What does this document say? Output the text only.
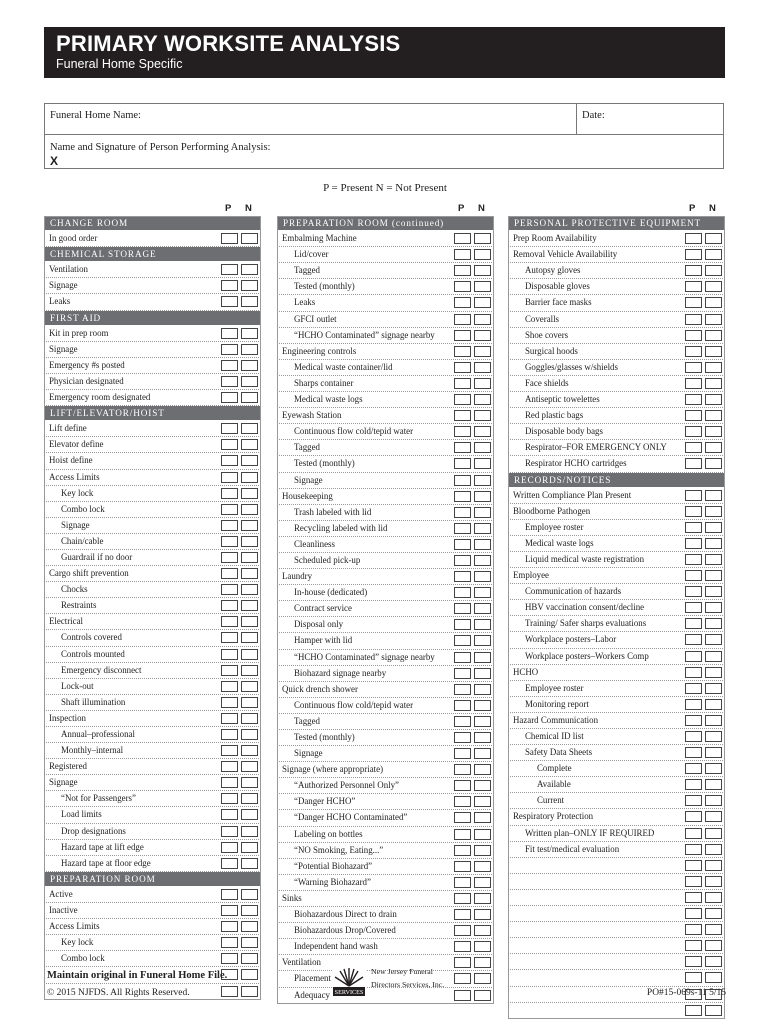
PRIMARY WORKSITE ANALYSIS
Funeral Home Specific
Funeral Home Name:	Date:
Name and Signature of Person Performing Analysis:
X
P = Present N = Not Present
P N
CHANGE ROOM
In good order
CHEMICAL STORAGE
Ventilation
Signage
Leaks
FIRST AID
Kit in prep room
Signage
Emergency #s posted
Physician designated
Emergency room designated
LIFT/ELEVATOR/HOIST
Lift define
Elevator define
Hoist define
Access Limits
Key lock
Combo lock
Signage
Chain/cable
Guardrail if no door
Cargo shift prevention
Chocks
Restraints
Electrical
Controls covered
Controls mounted
Emergency disconnect
Lock-out
Shaft illumination
Inspection
Annual–professional
Monthly–internal
Registered
Signage
“Not for Passengers”
Load limits
Drop designations
Hazard tape at lift edge
Hazard tape at floor edge
PREPARATION ROOM
Active
Inactive
Access Limits
Key lock
Combo lock
P N
PREPARATION ROOM (continued)
Embalming Machine
Lid/cover
Tagged
Tested (monthly)
Leaks
GFCI outlet
“HCHO Contaminated” signage nearby
Engineering controls
Medical waste container/lid
Sharps container
Medical waste logs
Eyewash Station
Continuous flow cold/tepid water
Tagged
Tested (monthly)
Signage
Housekeeping
Trash labeled with lid
Recycling labeled with lid
Cleanliness
Scheduled pick-up
Laundry
In-house (dedicated)
Contract service
Disposal only
Hamper with lid
“HCHO Contaminated” signage nearby
Biohazard signage nearby
Quick drench shower
Continuous flow cold/tepid water
Tagged
Tested (monthly)
Signage
Signage (where appropriate)
“Authorized Personnel Only”
“Danger HCHO”
“Danger HCHO Contaminated”
Labeling on bottles
“NO Smoking, Eating...”
“Potential Biohazard”
“Warning Biohazard”
Sinks
Biohazardous Direct to drain
Biohazardous Drop/Covered
Independent hand wash
Ventilation
Placement
Adequacy
P N
PERSONAL PROTECTIVE EQUIPMENT
Prep Room Availability
Removal Vehicle Availability
Autopsy gloves
Disposable gloves
Barrier face masks
Coveralls
Shoe covers
Surgical hoods
Goggles/glasses w/shields
Face shields
Antiseptic towelettes
Red plastic bags
Disposable body bags
Respirator–FOR EMERGENCY ONLY
Respirator HCHO cartridges
RECORDS/NOTICES
Written Compliance Plan Present
Bloodborne Pathogen
Employee roster
Medical waste logs
Liquid medical waste registration
Employee
Communication of hazards
HBV vaccination consent/decline
Training/ Safer sharps evaluations
Workplace posters–Labor
Workplace posters–Workers Comp
HCHO
Employee roster
Monitoring report
Hazard Communication
Chemical ID list
Safety Data Sheets
Complete
Available
Current
Respiratory Protection
Written plan–ONLY IF REQUIRED
Fit test/medical evaluation
Maintain original in Funeral Home File.
© 2015 NJFDS. All Rights Reserved.	SERVICES
New Jersey Funeral
Directors Services, Inc.
PO#15-069s-11 5/15
